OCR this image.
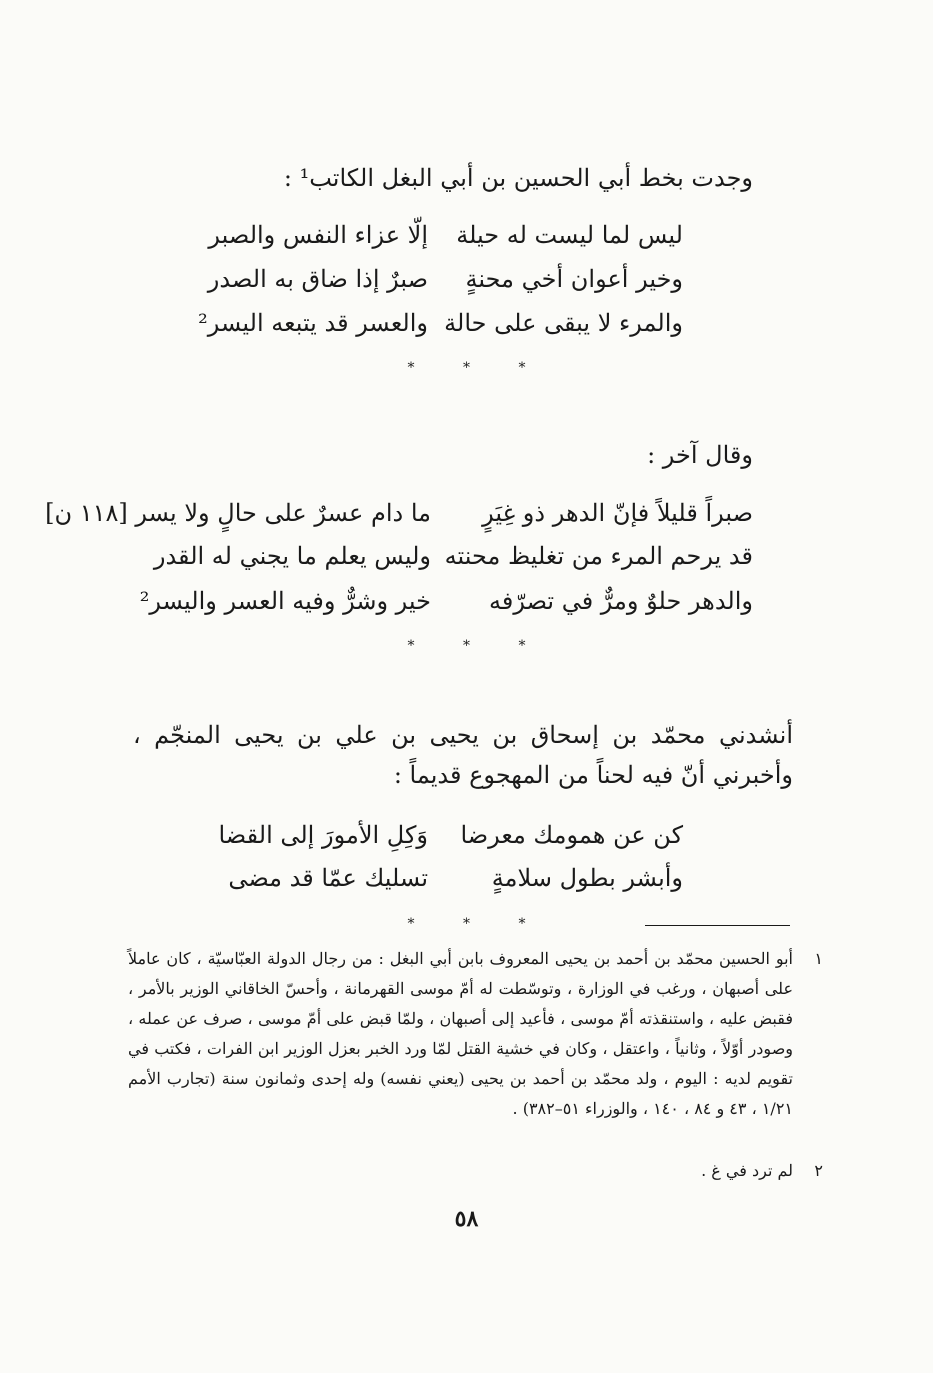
وجدت بخط أبي الحسين بن أبي البغل الكاتب¹ :
ليس لما ليست له حيلة
إلّا عزاء النفس والصبر
وخير أعوان أخي محنةٍ
صبرٌ إذا ضاق به الصدر
والمرء لا يبقى على حالة
والعسر قد يتبعه اليسر²
* * *
وقال آخر :
صبراً قليلاً فإنّ الدهر ذو غِيَرٍ
ما دام عسرٌ على حالٍ ولا يسر [١١٨ ن]
قد يرحم المرء من تغليظ محنته
وليس يعلم ما يجني له القدر
والدهر حلوٌ ومرٌّ في تصرّفه
خير وشرٌّ وفيه العسر واليسر²
* * *
أنشدني محمّد بن إسحاق بن يحيى بن علي بن يحيى المنجّم ، وأخبرني أنّ فيه لحناً من المهجوع قديماً :
كن عن همومك معرضا
وَكِلِ الأمورَ إلى القضا
وأبشر بطول سلامةٍ
تسليك عمّا قد مضى
* * *
١
أبو الحسين محمّد بن أحمد بن يحيى المعروف بابن أبي البغل : من رجال الدولة العبّاسيّة ، كان عاملاً على أصبهان ، ورغب في الوزارة ، وتوسّطت له أمّ موسى القهرمانة ، وأحسّ الخاقاني الوزير بالأمر ، فقبض عليه ، واستنقذته أمّ موسى ، فأعيد إلى أصبهان ، ولمّا قبض على أمّ موسى ، صرف عن عمله ، وصودر أوّلاً ، وثانياً ، واعتقل ، وكان في خشية القتل لمّا ورد الخبر بعزل الوزير ابن الفرات ، فكتب في تقويم لديه : اليوم ، ولد محمّد بن أحمد بن يحيى (يعني نفسه) وله إحدى وثمانون سنة (تجارب الأمم ١/٢١ ، ٤٣ و ٨٤ ، ١٤٠ ، والوزراء ٥١–٣٨٢) .
٢
لم ترد في غ .
٥٨
